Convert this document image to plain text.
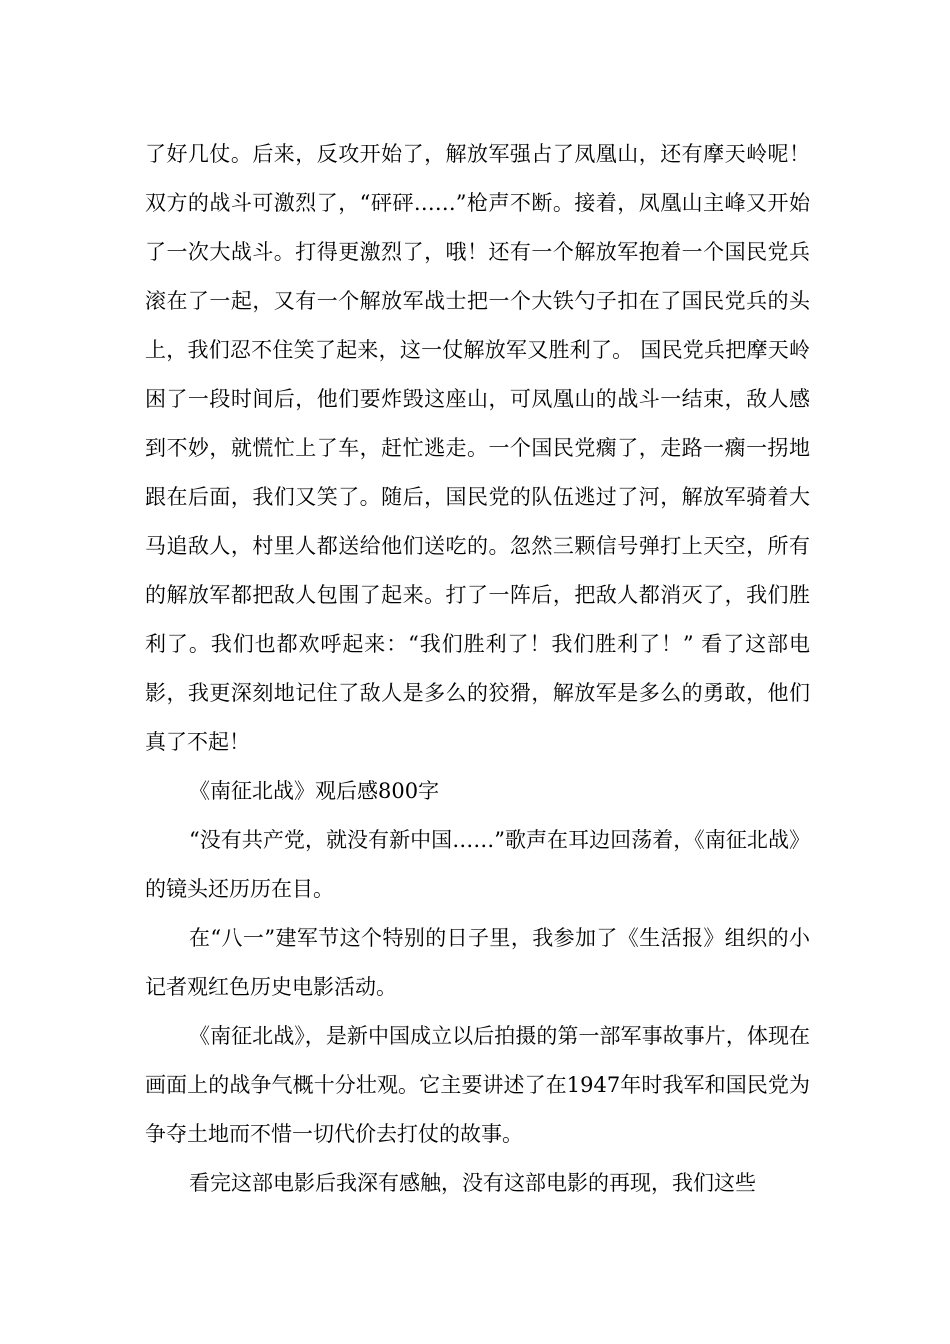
了好几仗。后来，反攻开始了，解放军强占了凤凰山，还有摩天岭呢！双方的战斗可激烈了，“砰砰……”枪声不断。接着，凤凰山主峰又开始了一次大战斗。打得更激烈了，哦！还有一个解放军抱着一个国民党兵滚在了一起，又有一个解放军战士把一个大铁勺子扣在了国民党兵的头上，我们忍不住笑了起来，这一仗解放军又胜利了。 国民党兵把摩天岭困了一段时间后，他们要炸毁这座山，可凤凰山的战斗一结束，敌人感到不妙，就慌忙上了车，赶忙逃走。一个国民党瘸了，走路一瘸一拐地跟在后面，我们又笑了。随后，国民党的队伍逃过了河，解放军骑着大马追敌人，村里人都送给他们送吃的。忽然三颗信号弹打上天空，所有的解放军都把敌人包围了起来。打了一阵后，把敌人都消灭了，我们胜利了。我们也都欢呼起来：“我们胜利了！我们胜利了！” 看了这部电影，我更深刻地记住了敌人是多么的狡猾，解放军是多么的勇敢，他们真了不起！

《南征北战》观后感800字

“没有共产党，就没有新中国……”歌声在耳边回荡着，《南征北战》的镜头还历历在目。

在“八一”建军节这个特别的日子里，我参加了《生活报》组织的小记者观红色历史电影活动。

《南征北战》，是新中国成立以后拍摄的第一部军事故事片，体现在画面上的战争气概十分壮观。它主要讲述了在1947年时我军和国民党为争夺土地而不惜一切代价去打仗的故事。

看完这部电影后我深有感触，没有这部电影的再现，我们这些
